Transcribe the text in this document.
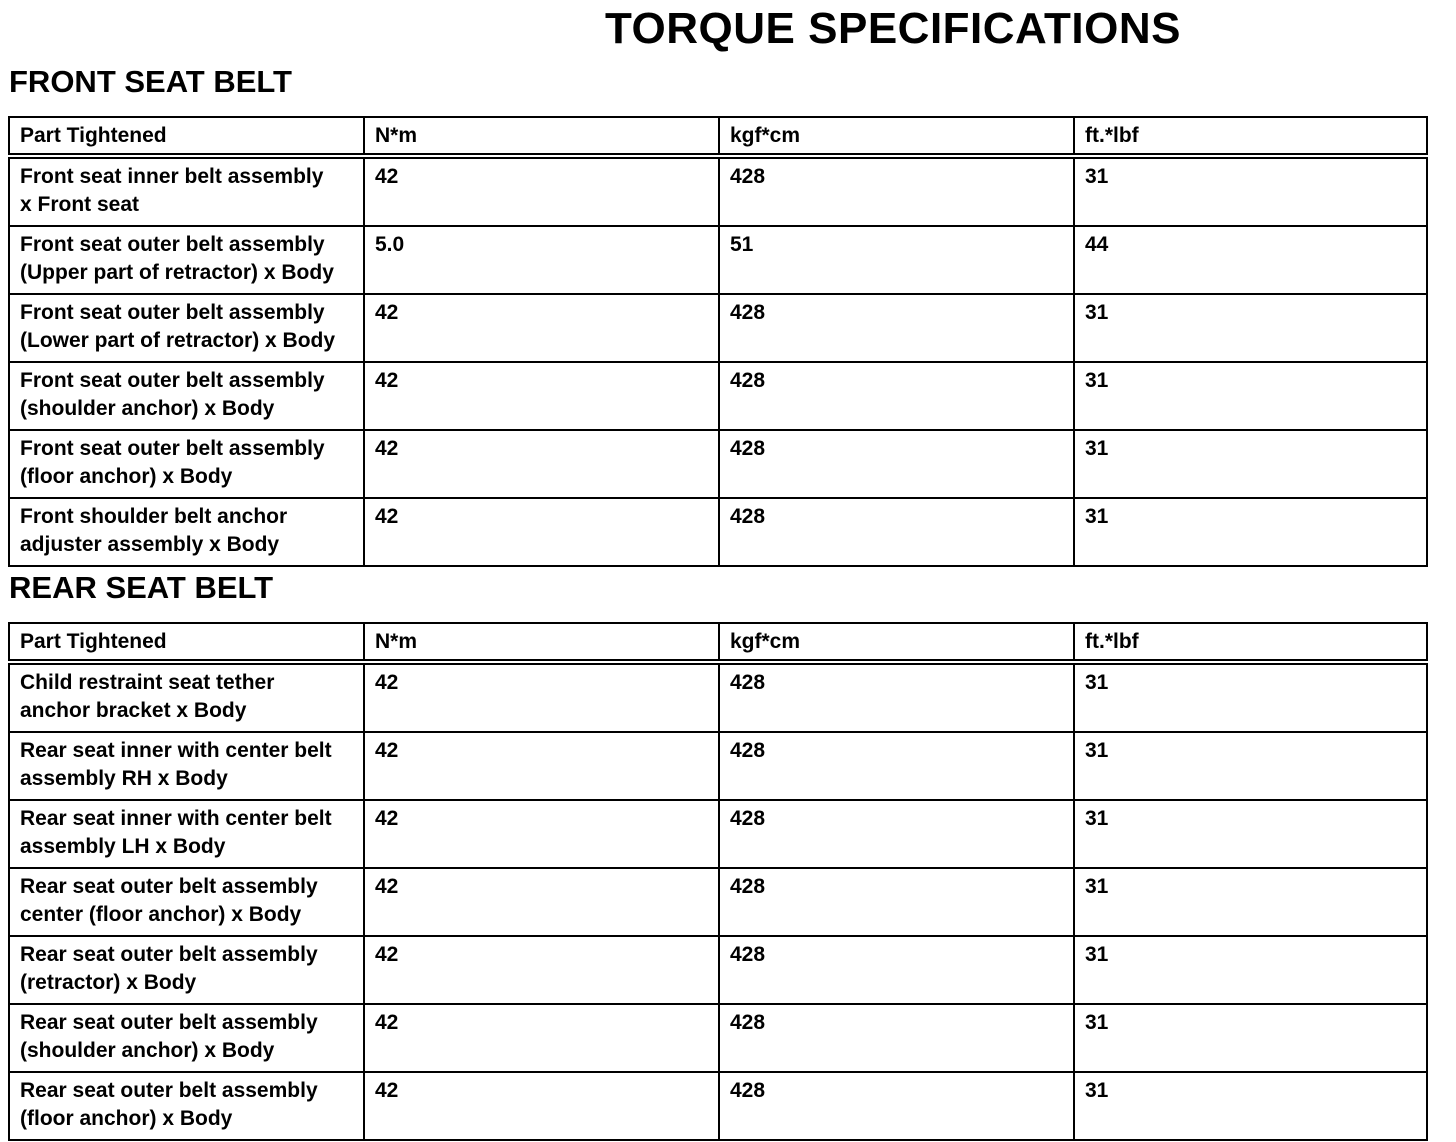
TORQUE SPECIFICATIONS
FRONT SEAT BELT
Part Tightened	N*m	kgf*cm	ft.*lbf

Front seat inner belt assembly
x Front seat	42	428	31

Front seat outer belt assembly
(Upper part of retractor) x Body	5.0	51	44

Front seat outer belt assembly
(Lower part of retractor) x Body	42	428	31

Front seat outer belt assembly
(shoulder anchor) x Body	42	428	31

Front seat outer belt assembly
(floor anchor) x Body	42	428	31

Front shoulder belt anchor
adjuster assembly x Body	42	428	31
REAR SEAT BELT
Part Tightened	N*m	kgf*cm	ft.*lbf

Child restraint seat tether
anchor bracket x Body	42	428	31

Rear seat inner with center belt
assembly RH x Body	42	428	31

Rear seat inner with center belt
assembly LH x Body	42	428	31

Rear seat outer belt assembly
center (floor anchor) x Body	42	428	31

Rear seat outer belt assembly
(retractor) x Body	42	428	31

Rear seat outer belt assembly
(shoulder anchor) x Body	42	428	31

Rear seat outer belt assembly
(floor anchor) x Body	42	428	31
